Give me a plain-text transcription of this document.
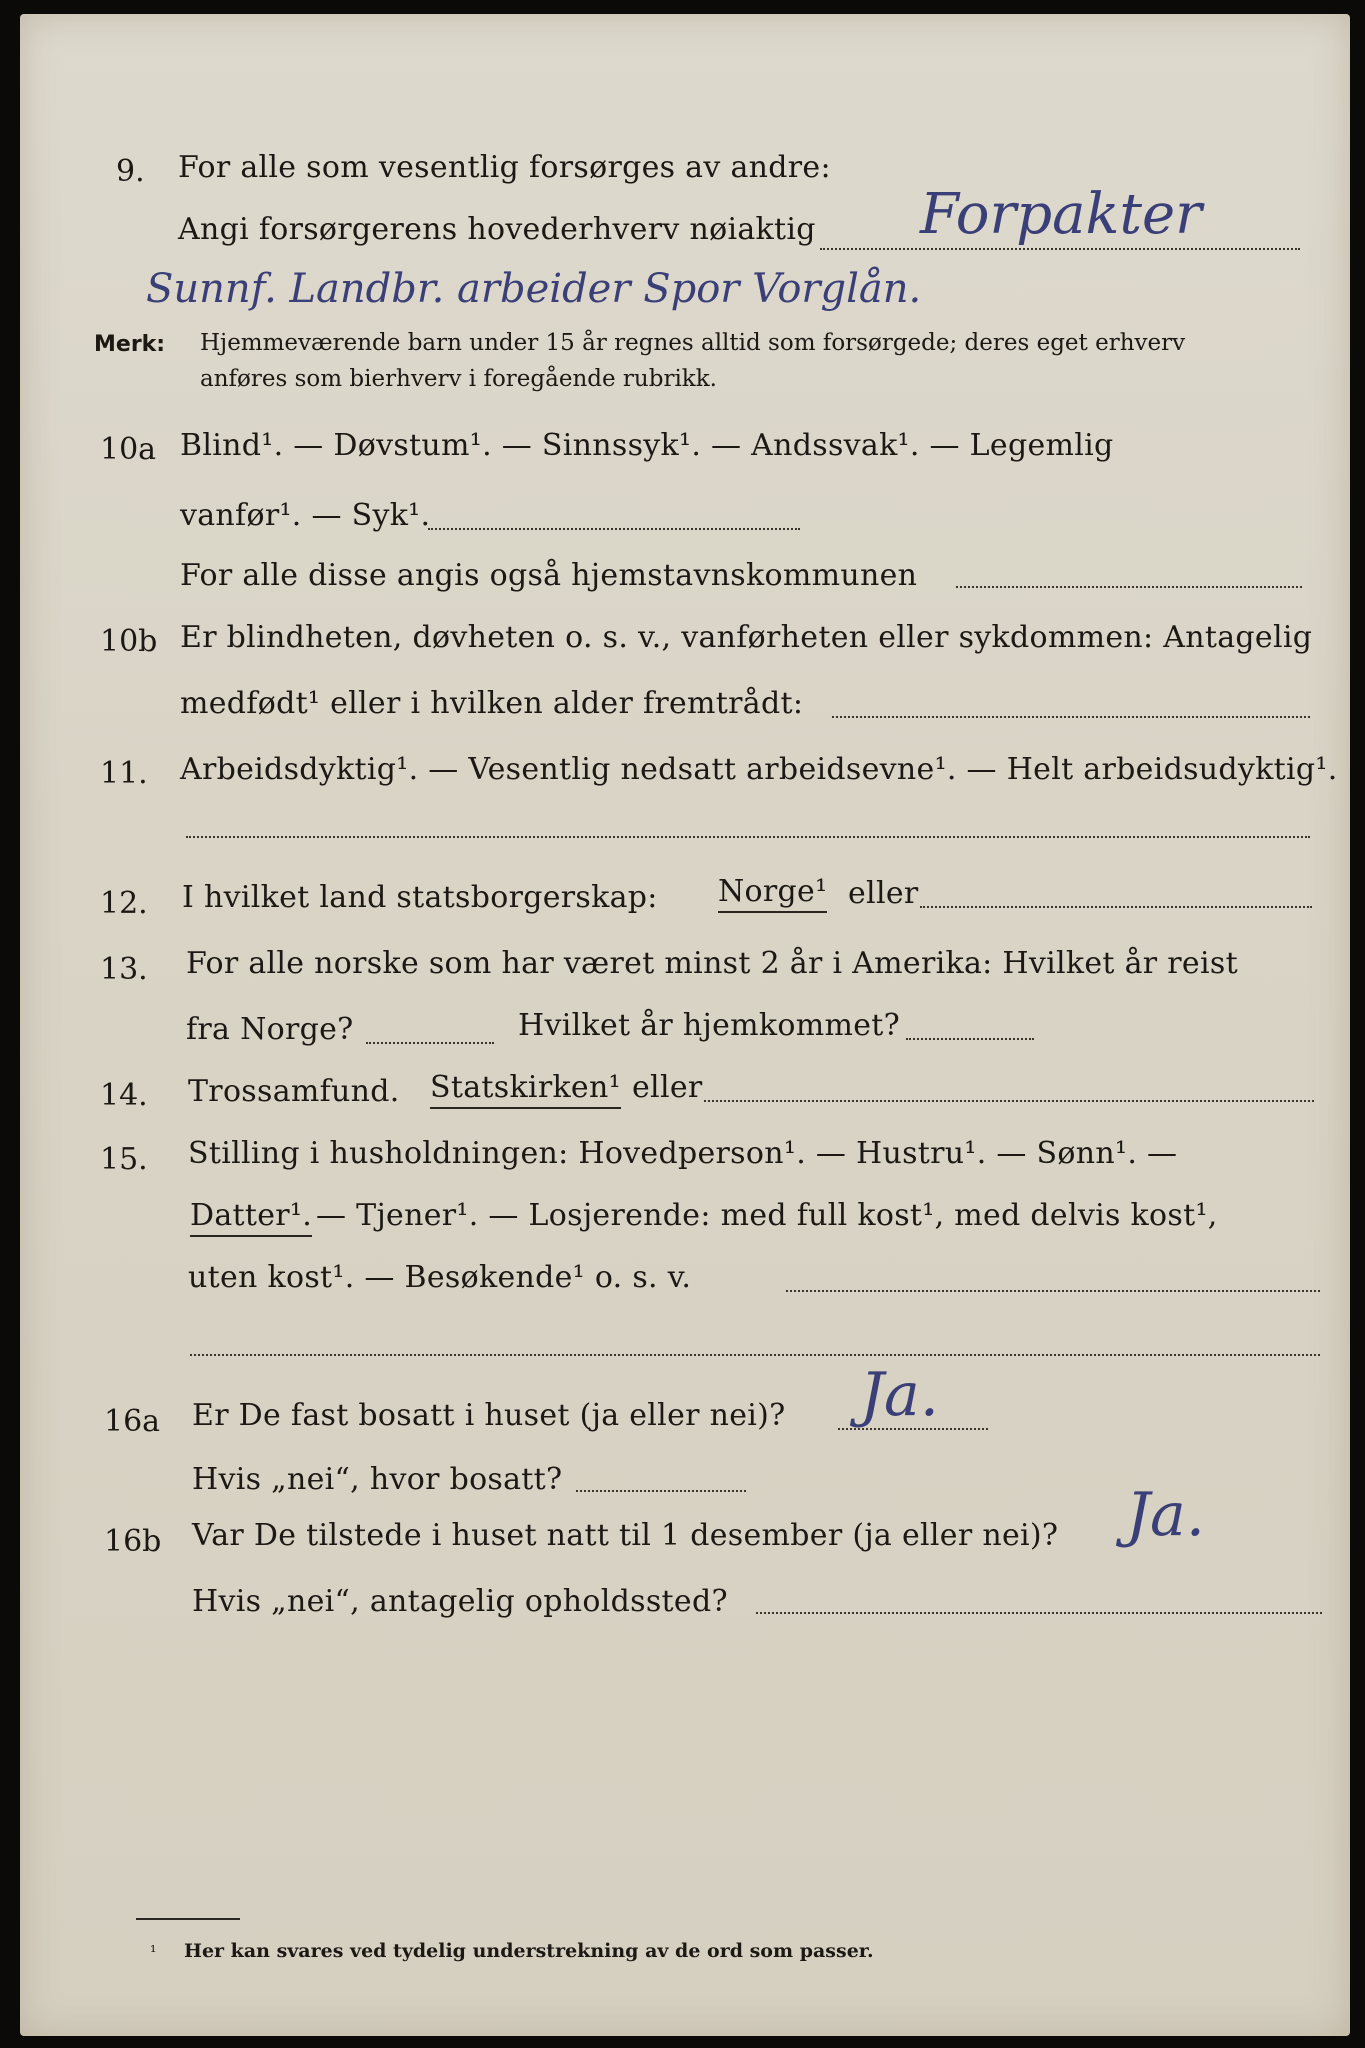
9. For alle som vesentlig forsørges av andre:
Angi forsørgerens hovederhverv nøiaktig Forpakter
Sunnf. Landbr. arbeider Spor Vorglån.
Merk: Hjemmeværende barn under 15 år regnes alltid som forsørgede; deres eget erhverv
anføres som bierhverv i foregående rubrikk.
10a Blind¹. — Døvstum¹. — Sinnssyk¹. — Andssvak¹. — Legemlig
vanfør¹. — Syk¹.
For alle disse angis også hjemstavnskommunen
10b Er blindheten, døvheten o. s. v., vanførheten eller sykdommen: Antagelig
medfødt¹ eller i hvilken alder fremtrådt:
11. Arbeidsdyktig¹. — Vesentlig nedsatt arbeidsevne¹. — Helt arbeidsudyktig¹.
12. I hvilket land statsborgerskap: Norge¹ eller
13. For alle norske som har været minst 2 år i Amerika: Hvilket år reist
fra Norge?	Hvilket år hjemkommet?
14. Trossamfund. Statskirken¹ eller
15. Stilling i husholdningen: Hovedperson¹. — Hustru¹. — Sønn¹. —
Datter¹. — Tjener¹. — Losjerende: med full kost¹, med delvis kost¹,
uten kost¹. — Besøkende¹ o. s. v.
16a Er De fast bosatt i huset (ja eller nei)? Ja.
Hvis „nei“, hvor bosatt?
16b Var De tilstede i huset natt til 1 desember (ja eller nei)? Ja.
Hvis „nei“, antagelig opholdssted?
¹ Her kan svares ved tydelig understrekning av de ord som passer.
